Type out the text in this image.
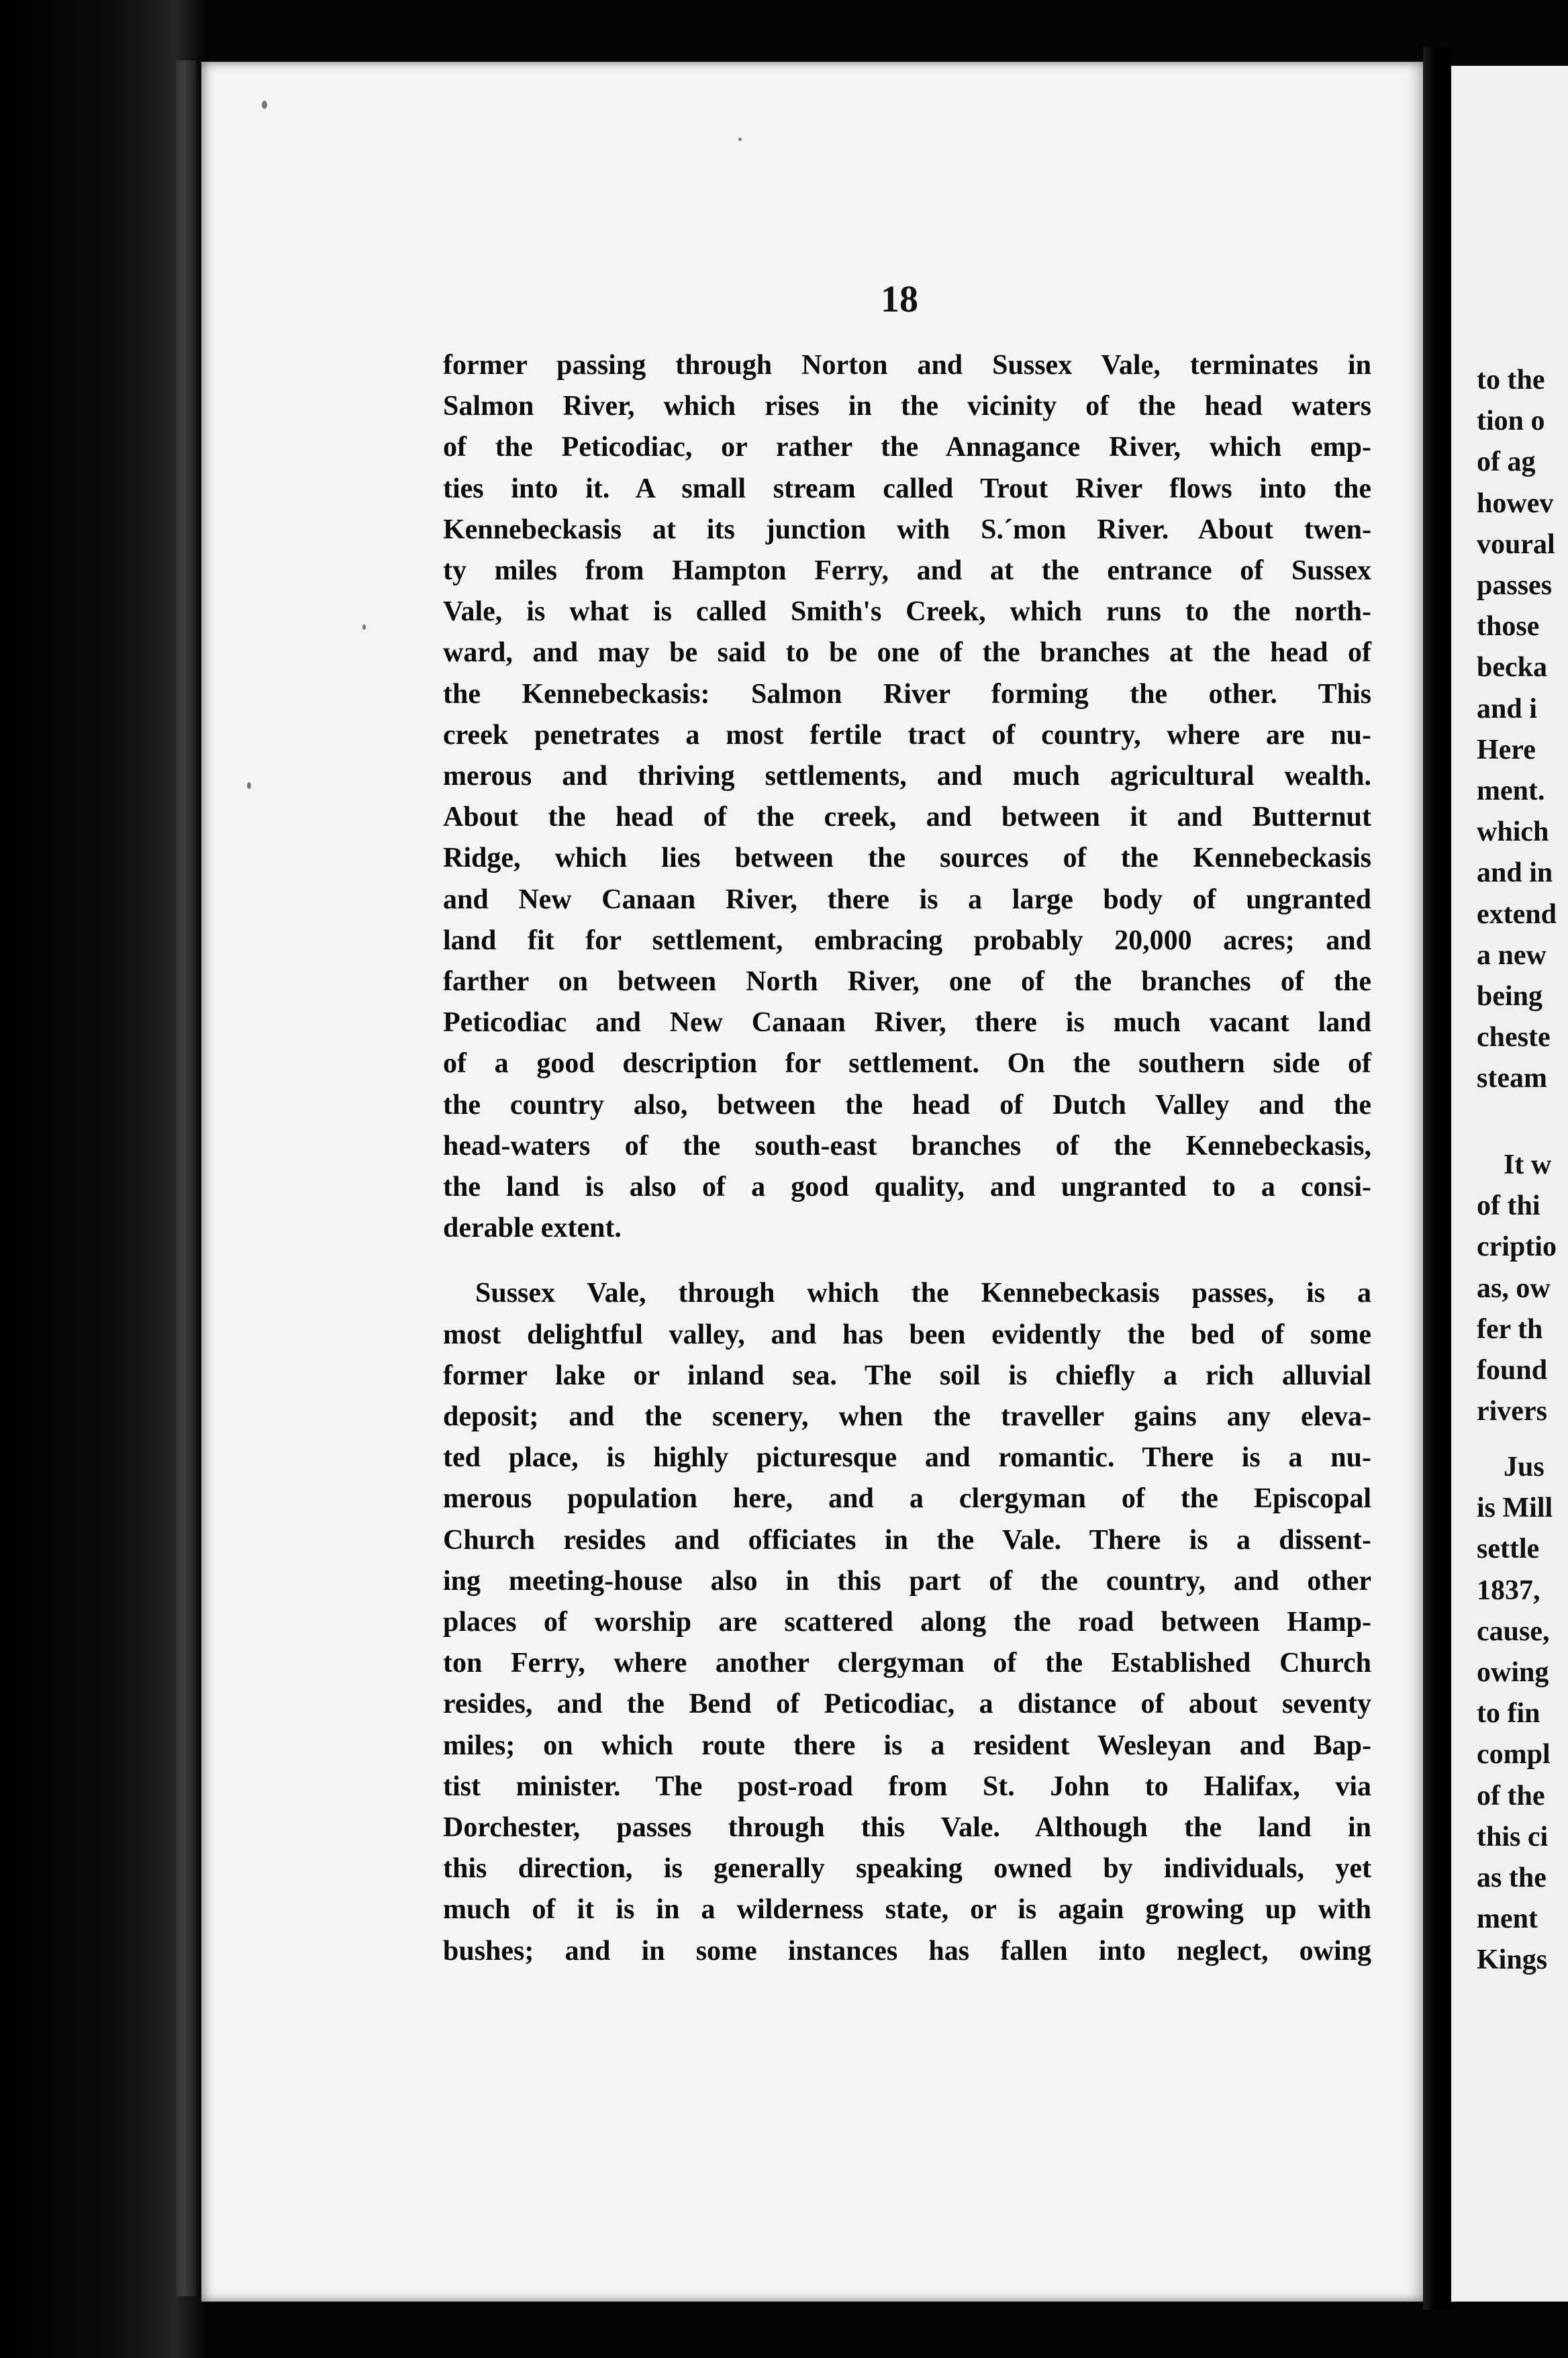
to the
tion o
of ag
howev
voural
passes
those
becka
and i
Here
ment.
which
and in
extend
a new
being
cheste
steam
It w
of thi
criptio
as, ow
fer th
found
rivers
Jus
is Mill
settle
1837,
cause,
owing
to fin
compl
of the
this ci
as the
ment
Kings
18
former passing through Norton and Sussex Vale, terminates in
Salmon River, which rises in the vicinity of the head waters
of the Peticodiac, or rather the Annagance River, which emp-
ties into it. A small stream called Trout River flows into the
Kennebeckasis at its junction with S.´mon River. About twen-
ty miles from Hampton Ferry, and at the entrance of Sussex
Vale, is what is called Smith's Creek, which runs to the north-
ward, and may be said to be one of the branches at the head of
the Kennebeckasis: Salmon River forming the other. This
creek penetrates a most fertile tract of country, where are nu-
merous and thriving settlements, and much agricultural wealth.
About the head of the creek, and between it and Butternut
Ridge, which lies between the sources of the Kennebeckasis
and New Canaan River, there is a large body of ungranted
land fit for settlement, embracing probably 20,000 acres; and
farther on between North River, one of the branches of the
Peticodiac and New Canaan River, there is much vacant land
of a good description for settlement. On the southern side of
the country also, between the head of Dutch Valley and the
head-waters of the south-east branches of the Kennebeckasis,
the land is also of a good quality, and ungranted to a consi-
derable extent.
Sussex Vale, through which the Kennebeckasis passes, is a
most delightful valley, and has been evidently the bed of some
former lake or inland sea. The soil is chiefly a rich alluvial
deposit; and the scenery, when the traveller gains any eleva-
ted place, is highly picturesque and romantic. There is a nu-
merous population here, and a clergyman of the Episcopal
Church resides and officiates in the Vale. There is a dissent-
ing meeting-house also in this part of the country, and other
places of worship are scattered along the road between Hamp-
ton Ferry, where another clergyman of the Established Church
resides, and the Bend of Peticodiac, a distance of about seventy
miles; on which route there is a resident Wesleyan and Bap-
tist minister. The post-road from St. John to Halifax, via
Dorchester, passes through this Vale. Although the land in
this direction, is generally speaking owned by individuals, yet
much of it is in a wilderness state, or is again growing up with
bushes; and in some instances has fallen into neglect, owing
